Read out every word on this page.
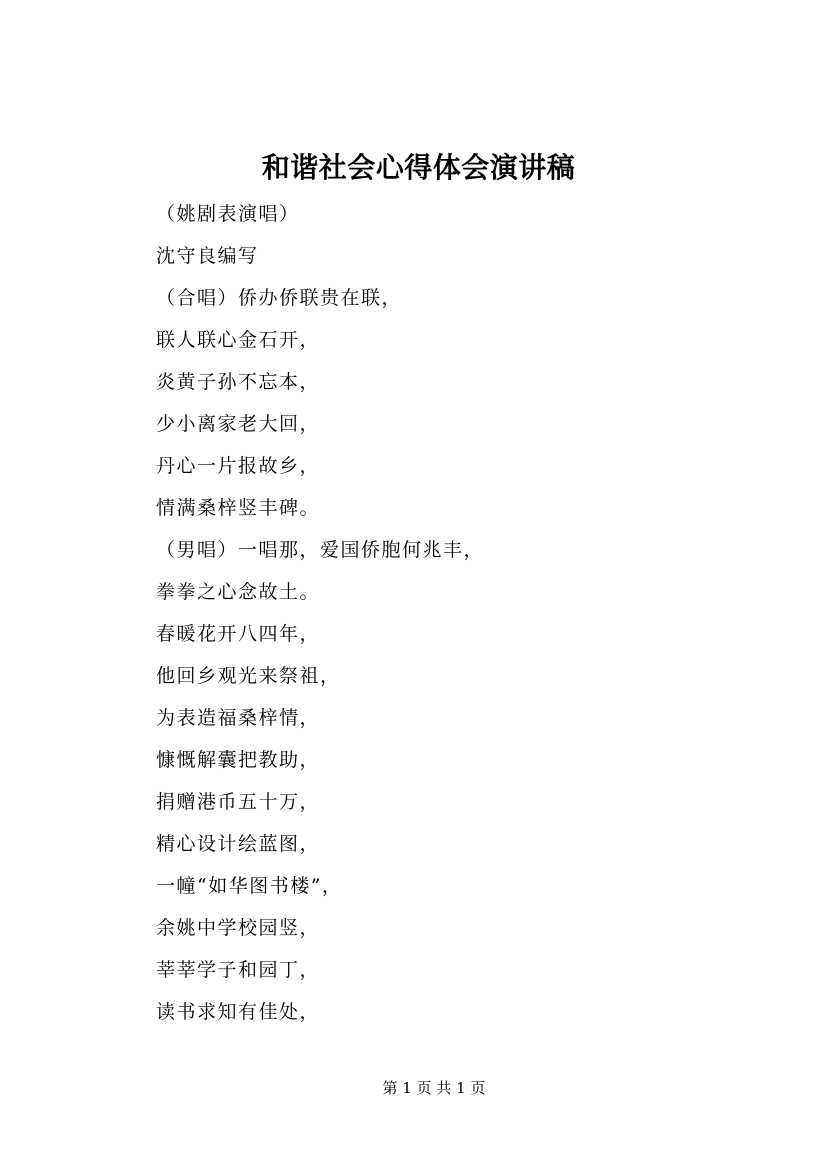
和谐社会心得体会演讲稿
（姚剧表演唱）
沈守良编写
（合唱）侨办侨联贵在联，
联人联心金石开，
炎黄子孙不忘本，
少小离家老大回，
丹心一片报故乡，
情满桑梓竖丰碑。
（男唱）一唱那，爱国侨胞何兆丰，
拳拳之心念故土。
春暖花开八四年，
他回乡观光来祭祖，
为表造福桑梓情，
慷慨解囊把教助，
捐赠港币五十万，
精心设计绘蓝图，
一幢“如华图书楼”，
余姚中学校园竖，
莘莘学子和园丁，
读书求知有佳处，
第 1 页 共 1 页
